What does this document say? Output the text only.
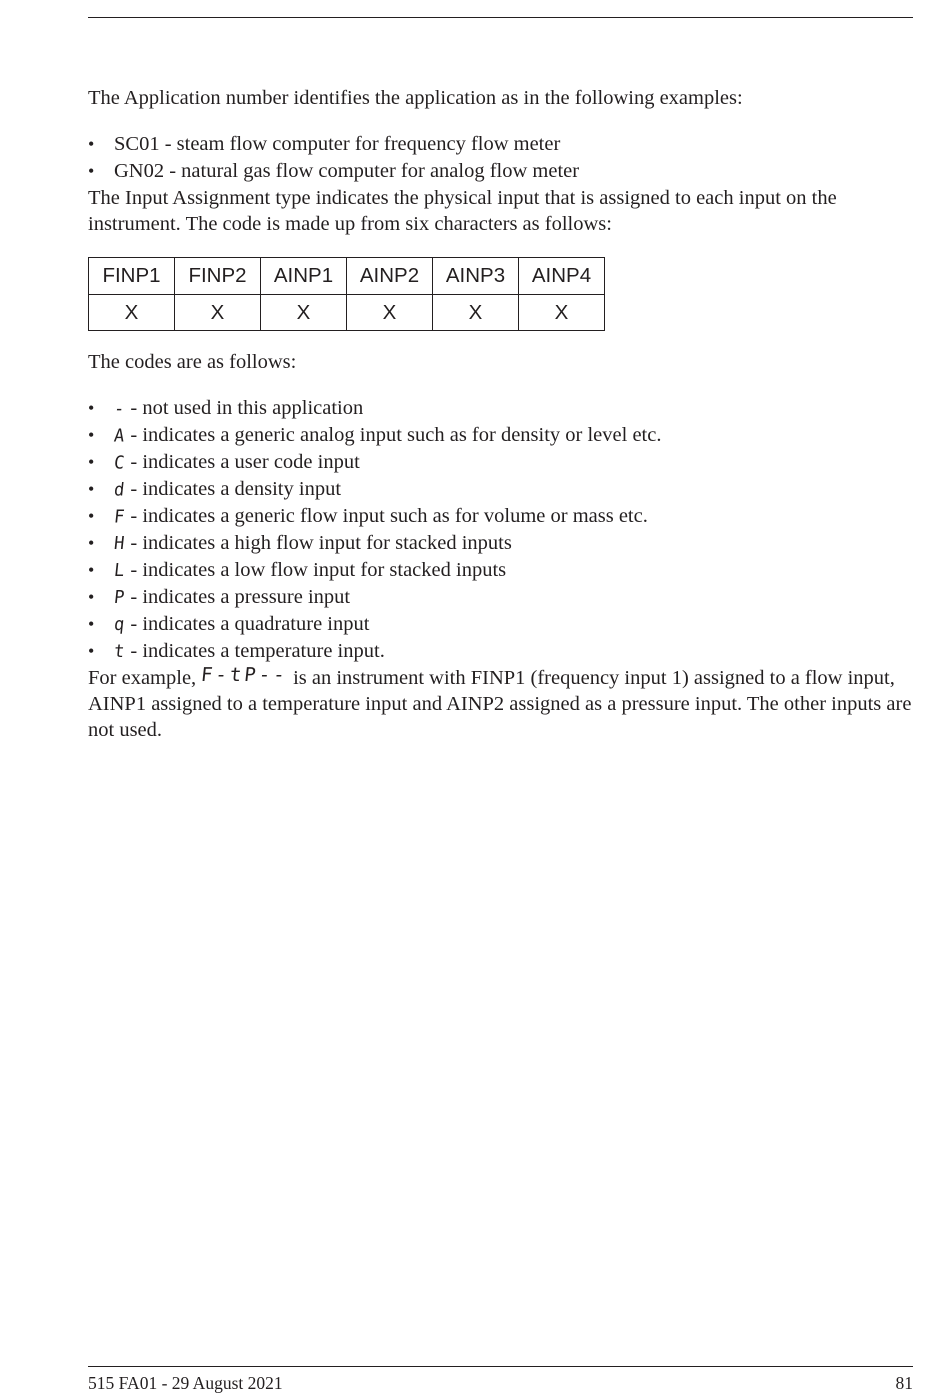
The Application number identifies the application as in the following examples:

• SC01 - steam flow computer for frequency flow meter
• GN02 - natural gas flow computer for analog flow meter

The Input Assignment type indicates the physical input that is assigned to each input on the instrument. The code is made up from six characters as follows:

FINP1	FINP2	AINP1	AINP2	AINP3	AINP4
X	X	X	X	X	X

The codes are as follows:

• - - not used in this application
• A - indicates a generic analog input such as for density or level etc.
• C - indicates a user code input
• d - indicates a density input
• F - indicates a generic flow input such as for volume or mass etc.
• H - indicates a high flow input for stacked inputs
• L - indicates a low flow input for stacked inputs
• P - indicates a pressure input
• q - indicates a quadrature input
• t - indicates a temperature input.

For example, F-tP-- is an instrument with FINP1 (frequency input 1) assigned to a flow input, AINP1 assigned to a temperature input and AINP2 assigned as a pressure input. The other inputs are not used.

515 FA01 - 29 August 2021	81
